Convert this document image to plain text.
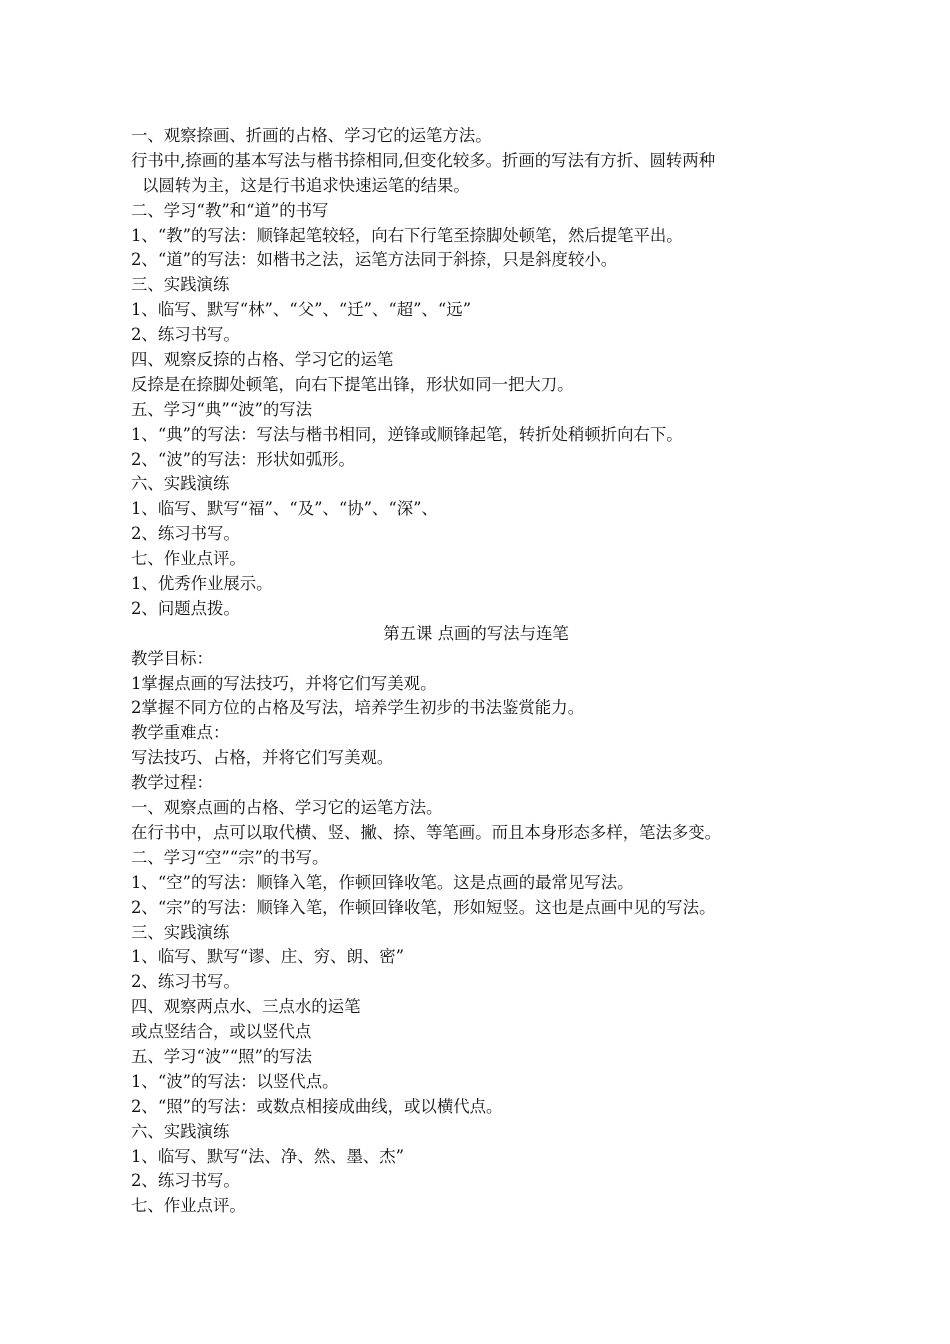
一、观察捺画、折画的占格、学习它的运笔方法。
行书中,捺画的基本写法与楷书捺相同,但变化较多。折画的写法有方折、圆转两种
以圆转为主，这是行书追求快速运笔的结果。
二、学习“教”和“道”的书写
1、“教”的写法：顺锋起笔较轻，向右下行笔至捺脚处顿笔，然后提笔平出。
2、“道”的写法：如楷书之法，运笔方法同于斜捺，只是斜度较小。
三、实践演练
1、临写、默写“林”、“父”、“迁”、“超”、“远”
2、练习书写。
四、观察反捺的占格、学习它的运笔
反捺是在捺脚处顿笔，向右下提笔出锋，形状如同一把大刀。
五、学习“典”“波”的写法
1、“典”的写法：写法与楷书相同，逆锋或顺锋起笔，转折处稍顿折向右下。
2、“波”的写法：形状如弧形。
六、实践演练
1、临写、默写“福”、“及”、“协”、“深”、
2、练习书写。
七、作业点评。
1、优秀作业展示。
2、问题点拨。
第五课 点画的写法与连笔
教学目标：
1掌握点画的写法技巧，并将它们写美观。
2掌握不同方位的占格及写法，培养学生初步的书法鉴赏能力。
教学重难点：
写法技巧、占格，并将它们写美观。
教学过程：
一、观察点画的占格、学习它的运笔方法。
在行书中，点可以取代横、竖、撇、捺、等笔画。而且本身形态多样，笔法多变。
二、学习“空”“宗”的书写。
1、“空”的写法：顺锋入笔，作顿回锋收笔。这是点画的最常见写法。
2、“宗”的写法：顺锋入笔，作顿回锋收笔，形如短竖。这也是点画中见的写法。
三、实践演练
1、临写、默写“谬、庄、穷、朗、密”
2、练习书写。
四、观察两点水、三点水的运笔
或点竖结合，或以竖代点
五、学习“波”“照”的写法
1、“波”的写法：以竖代点。
2、“照”的写法：或数点相接成曲线，或以横代点。
六、实践演练
1、临写、默写“法、净、然、墨、杰”
2、练习书写。
七、作业点评。
